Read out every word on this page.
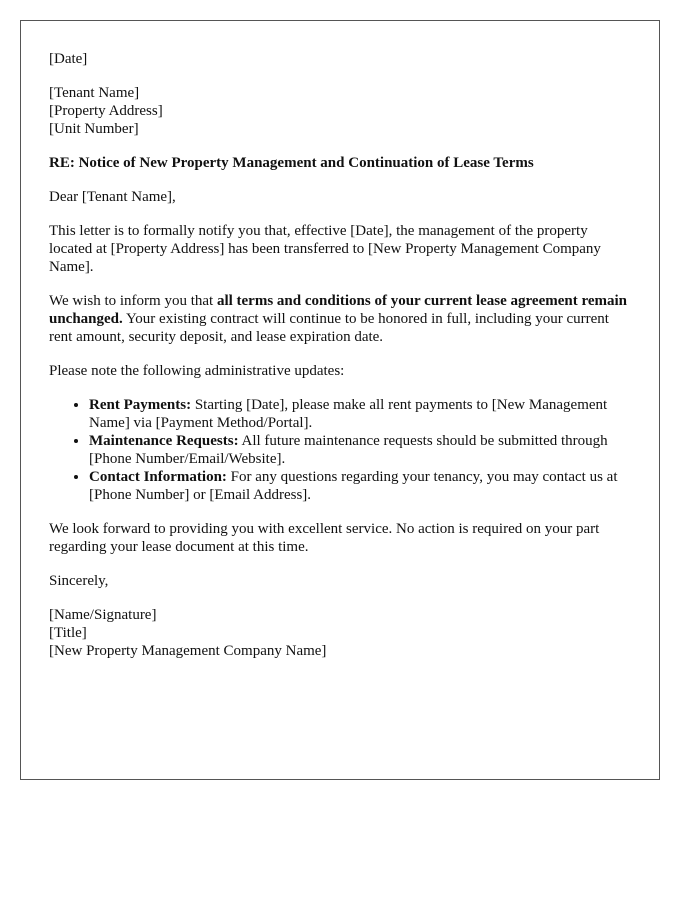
[Date]

[Tenant Name]
[Property Address]
[Unit Number]

RE: Notice of New Property Management and Continuation of Lease Terms

Dear [Tenant Name],

This letter is to formally notify you that, effective [Date], the management of the property located at [Property Address] has been transferred to [New Property Management Company Name].

We wish to inform you that all terms and conditions of your current lease agreement remain unchanged. Your existing contract will continue to be honored in full, including your current rent amount, security deposit, and lease expiration date.

Please note the following administrative updates:

• Rent Payments: Starting [Date], please make all rent payments to [New Management Name] via [Payment Method/Portal].
• Maintenance Requests: All future maintenance requests should be submitted through [Phone Number/Email/Website].
• Contact Information: For any questions regarding your tenancy, you may contact us at [Phone Number] or [Email Address].

We look forward to providing you with excellent service. No action is required on your part regarding your lease document at this time.

Sincerely,

[Name/Signature]
[Title]
[New Property Management Company Name]
